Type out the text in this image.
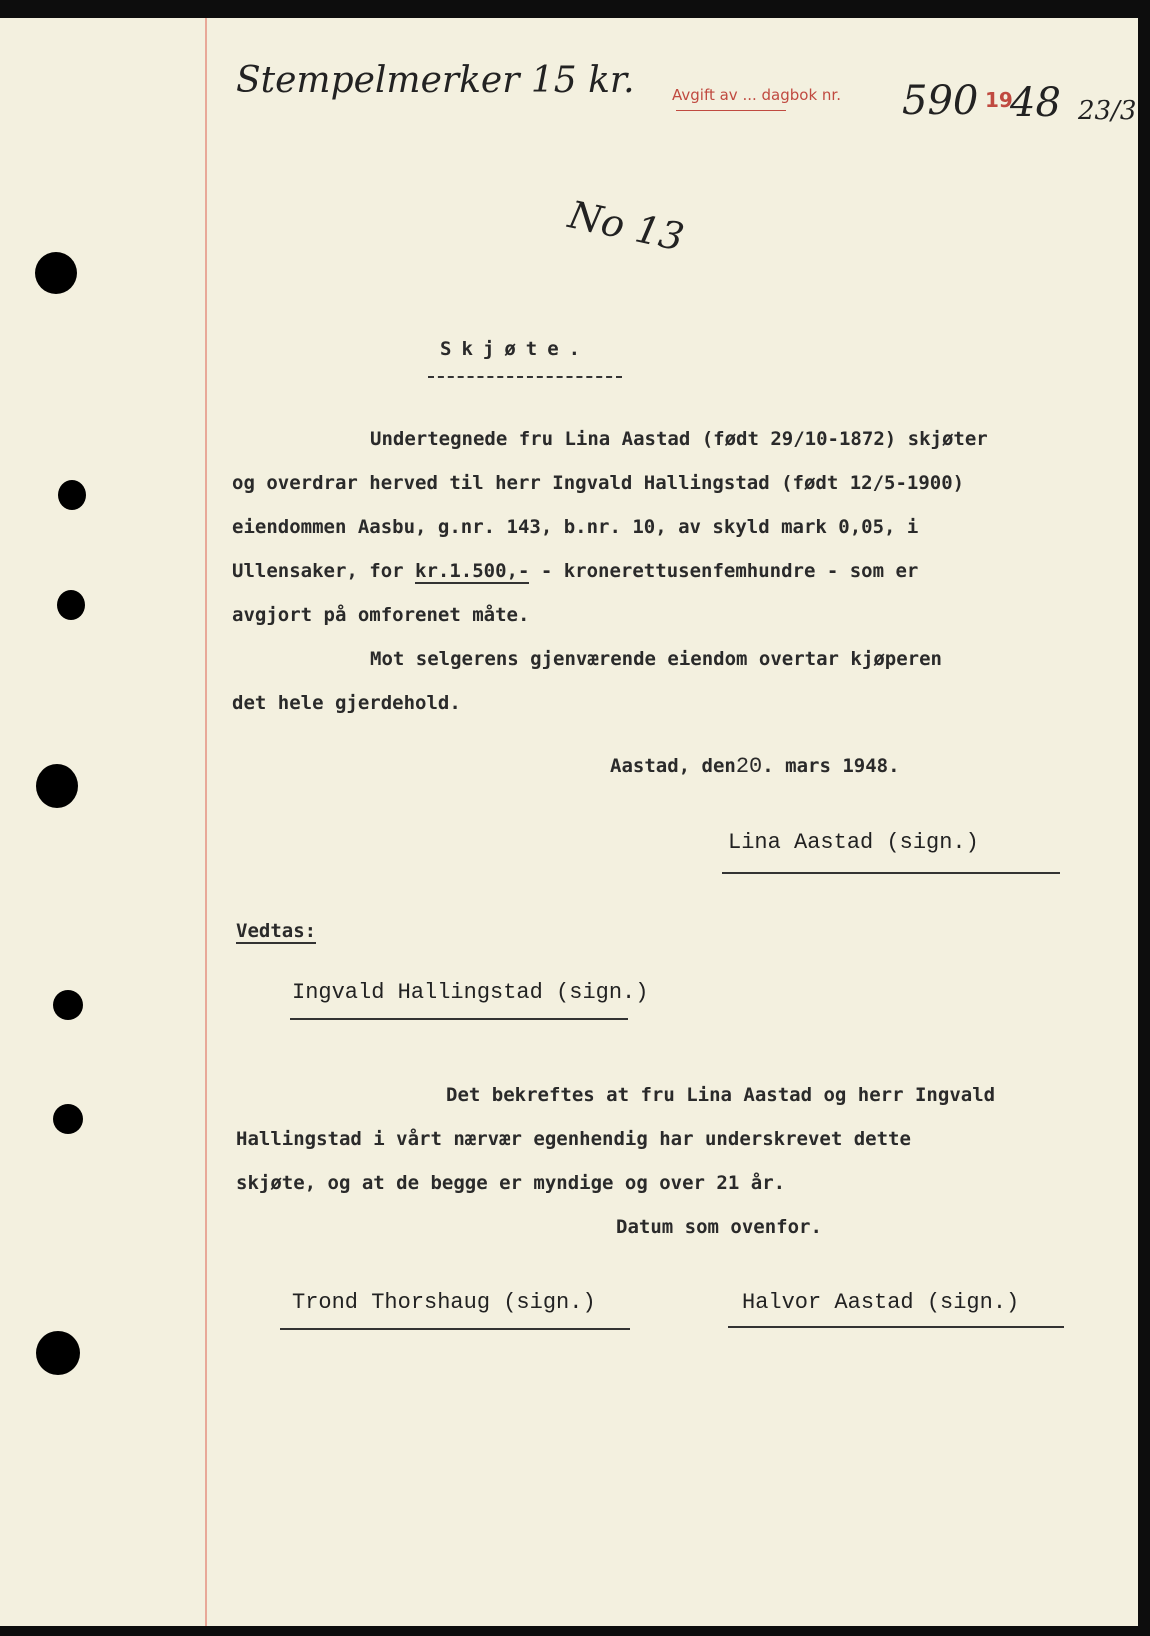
Stempelmerker 15 kr. Avgift av ... dagbok nr. 590 19
48 23/3
No 13
Skjøte.
Undertegnede fru Lina Aastad (født 29/10-1872) skjøter
og overdrar herved til herr Ingvald Hallingstad (født 12/5-1900)
eiendommen Aasbu, g.nr. 143, b.nr. 10, av skyld mark 0,05, i
Ullensaker, for kr.1.500,- - kronerettusenfemhundre - som er
avgjort på omforenet måte.
Mot selgerens gjenværende eiendom overtar kjøperen
det hele gjerdehold.
Aastad, den20. mars 1948.
Lina Aastad (sign.)
Vedtas:
Ingvald Hallingstad (sign.)
Det bekreftes at fru Lina Aastad og herr Ingvald
Hallingstad i vårt nærvær egenhendig har underskrevet dette
skjøte, og at de begge er myndige og over 21 år.
Datum som ovenfor.
Trond Thorshaug (sign.)	Halvor Aastad (sign.)
